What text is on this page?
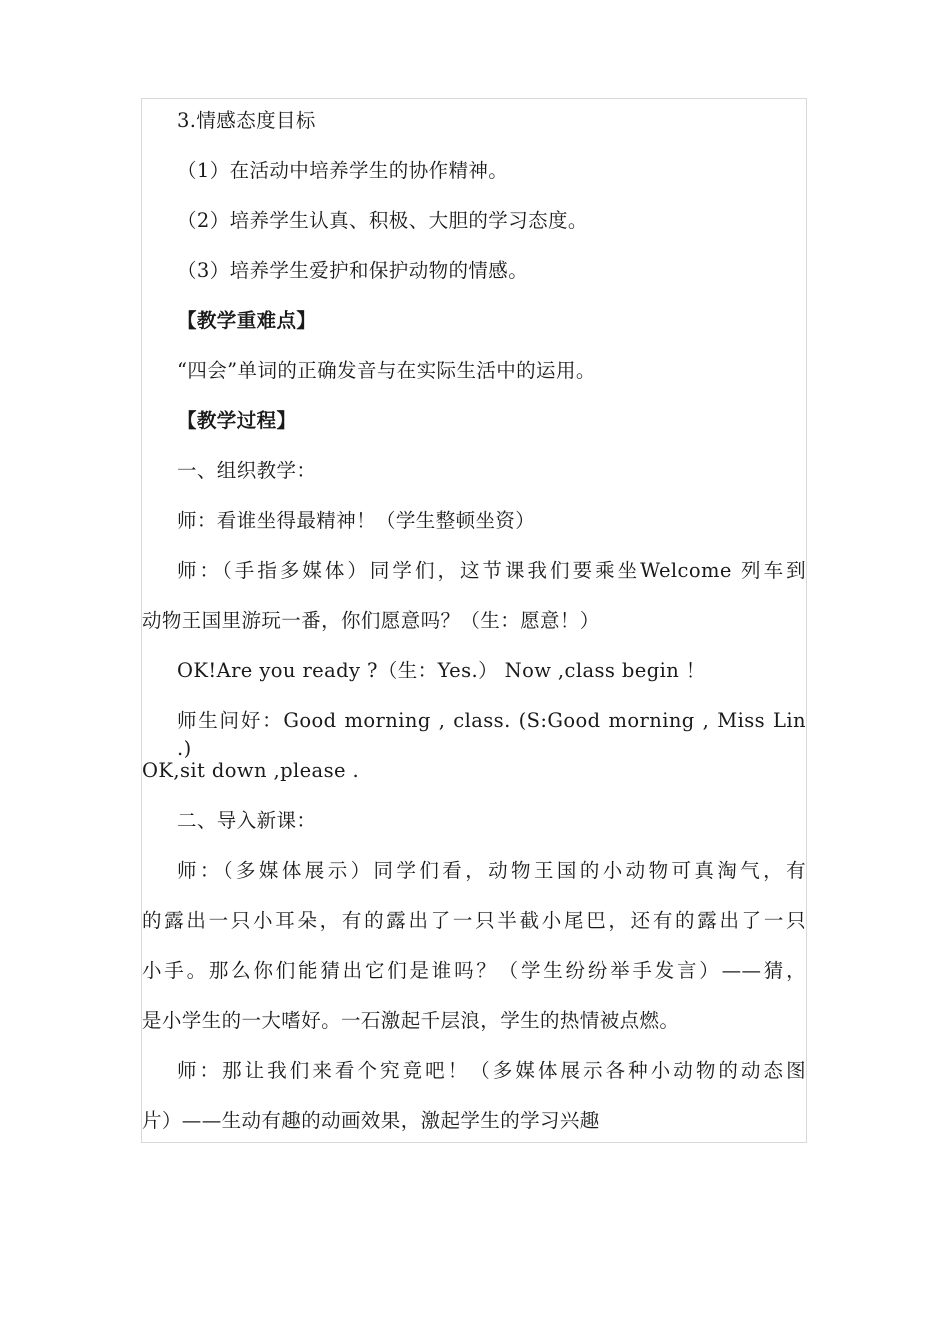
3.情感态度目标
（1）在活动中培养学生的协作精神。
（2）培养学生认真、积极、大胆的学习态度。
（3）培养学生爱护和保护动物的情感。
【教学重难点】
“四会”单词的正确发音与在实际生活中的运用。
【教学过程】
一、组织教学：
师：看谁坐得最精神！（学生整顿坐资）
师：（手指多媒体）同学们，这节课我们要乘坐Welcome 列车到
动物王国里游玩一番，你们愿意吗？（生：愿意！）
OK!Are you ready ?（生：Yes.） Now ,class begin ！
师生问好：Good morning , class. (S:Good morning , Miss Lin .)
OK,sit down ,please .
二、导入新课：
师：（多媒体展示）同学们看，动物王国的小动物可真淘气，有
的露出一只小耳朵，有的露出了一只半截小尾巴，还有的露出了一只
小手。那么你们能猜出它们是谁吗？（学生纷纷举手发言）——猜，
是小学生的一大嗜好。一石激起千层浪，学生的热情被点燃。
师：那让我们来看个究竟吧！（多媒体展示各种小动物的动态图
片）——生动有趣的动画效果，激起学生的学习兴趣
